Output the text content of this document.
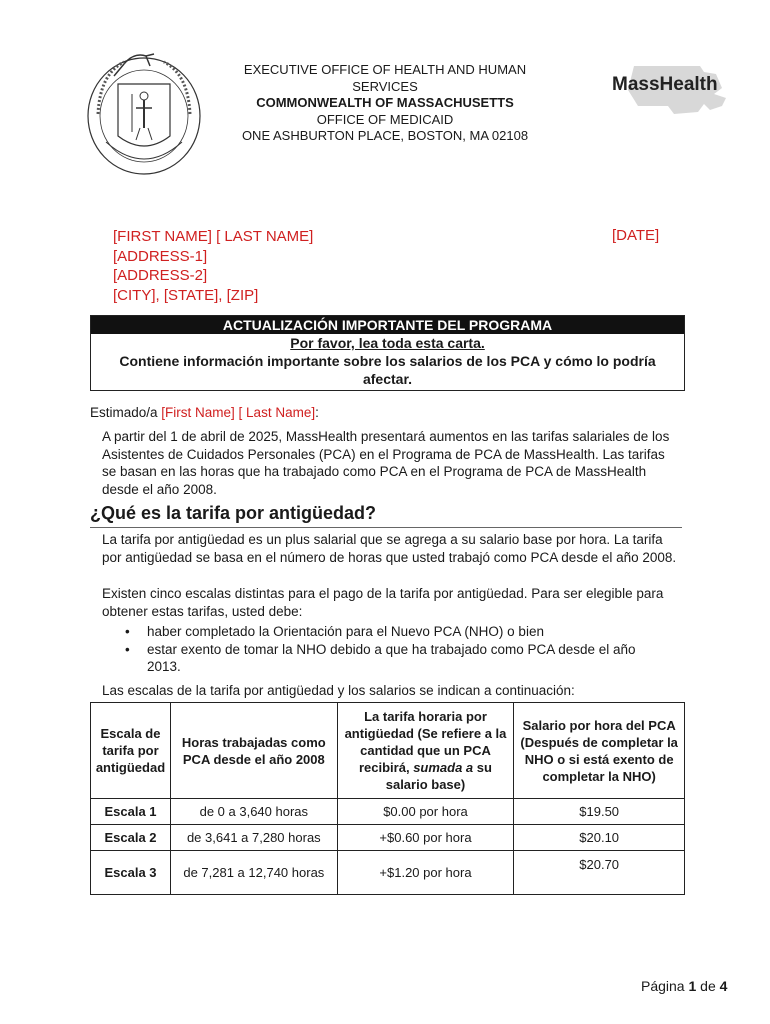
EXECUTIVE OFFICE OF HEALTH AND HUMAN
SERVICES
COMMONWEALTH OF MASSACHUSETTS
OFFICE OF MEDICAID
ONE ASHBURTON PLACE, BOSTON, MA 02108
MassHealth
[FIRST NAME] [ LAST NAME]
[ADDRESS-1]
[ADDRESS-2]
[CITY], [STATE], [ZIP]
[DATE]
ACTUALIZACIÓN IMPORTANTE DEL PROGRAMA
Por favor, lea toda esta carta.
Contiene información importante sobre los salarios de los PCA y cómo lo podría
afectar.
Estimado/a [First Name] [ Last Name]:
A partir del 1 de abril de 2025, MassHealth presentará aumentos en las tarifas salariales de los Asistentes de Cuidados Personales (PCA) en el Programa de PCA de MassHealth. Las tarifas se basan en las horas que ha trabajado como PCA en el Programa de PCA de MassHealth desde el año 2008.
¿Qué es la tarifa por antigüedad?
La tarifa por antigüedad es un plus salarial que se agrega a su salario base por hora. La tarifa por antigüedad se basa en el número de horas que usted trabajó como PCA desde el año 2008.
Existen cinco escalas distintas para el pago de la tarifa por antigüedad. Para ser elegible para obtener estas tarifas, usted debe:
• haber completado la Orientación para el Nuevo PCA (NHO) o bien
• estar exento de tomar la NHO debido a que ha trabajado como PCA desde el año 2013.
Las escalas de la tarifa por antigüedad y los salarios se indican a continuación:
Escala de tarifa por antigüedad	Horas trabajadas como PCA desde el año 2008	La tarifa horaria por antigüedad (Se refiere a la cantidad que un PCA recibirá, sumada a su salario base)	Salario por hora del PCA (Después de completar la NHO o si está exento de completar la NHO)
Escala 1	de 0 a 3,640 horas	$0.00 por hora	$19.50
Escala 2	de 3,641 a 7,280 horas	+$0.60 por hora	$20.10
Escala 3	de 7,281 a 12,740 horas	+$1.20 por hora	$20.70
Página 1 de 4
